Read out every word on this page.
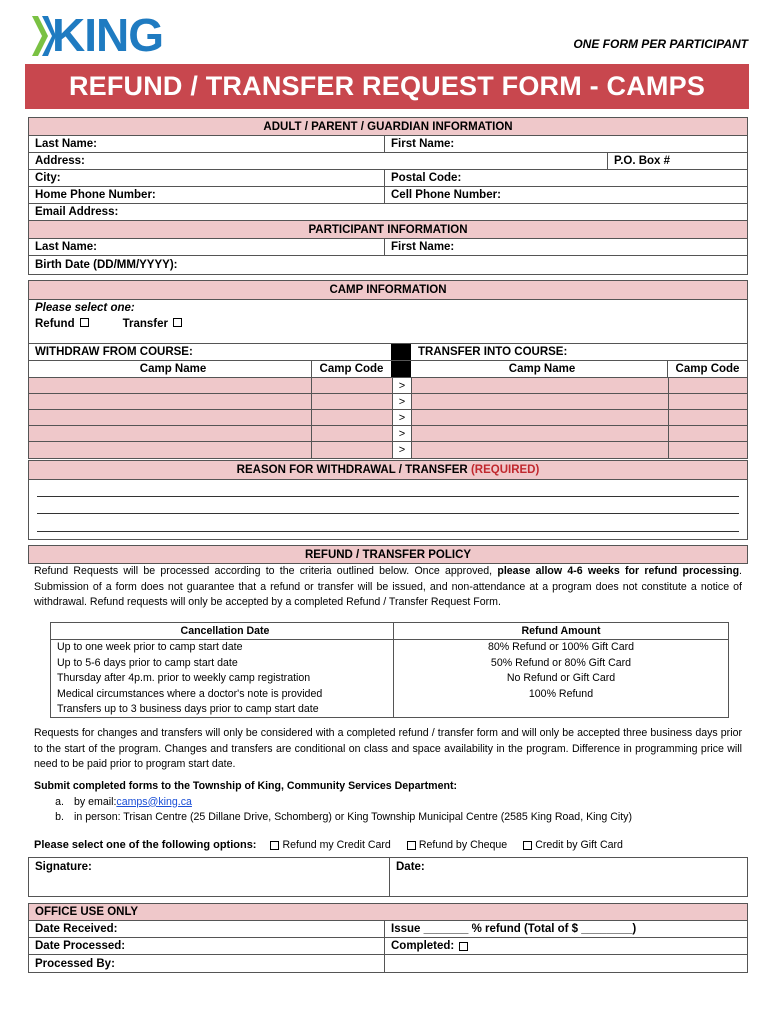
KING	ONE FORM PER PARTICIPANT
REFUND / TRANSFER REQUEST FORM - CAMPS
ADULT / PARENT / GUARDIAN INFORMATION
Last Name:	First Name:
Address:	P.O. Box #
City:	Postal Code:
Home Phone Number:	Cell Phone Number:
Email Address:
PARTICIPANT INFORMATION
Last Name:	First Name:
Birth Date (DD/MM/YYYY):
CAMP INFORMATION
Please select one:
Refund	Transfer
WITHDRAW FROM COURSE:	TRANSFER INTO COURSE:
Camp Name	Camp Code	Camp Name	Camp Code
>
>
>
>
>
REASON FOR WITHDRAWAL / TRANSFER
(REQUIRED)
REFUND / TRANSFER POLICY
Refund Requests will be processed according to the criteria outlined below. Once approved, please allow 4-6 weeks for refund processing. Submission of a form does not guarantee that a refund or transfer will be issued, and non-attendance at a program does not constitute a notice of withdrawal. Refund requests will only be accepted by a completed Refund / Transfer Request Form.
Cancellation Date	Refund Amount
Up to one week prior to camp start date	80% Refund or 100% Gift Card
Up to 5-6 days prior to camp start date	50% Refund or 80% Gift Card
Thursday after 4p.m. prior to weekly camp registration	No Refund or Gift Card
Medical circumstances where a doctor's note is provided	100% Refund
Transfers up to 3 business days prior to camp start date
Requests for changes and transfers will only be considered with a completed refund / transfer form and will only be accepted three business days prior to the start of the program. Changes and transfers are conditional on class and space availability in the program. Difference in programming price will need to be paid prior to program start date.
Submit completed forms to the Township of King, Community Services Department:
a. by email: camps@king.ca
b. in person: Trisan Centre (25 Dillane Drive, Schomberg) or King Township Municipal Centre (2585 King Road, King City)
Please select one of the following options: Refund my Credit Card	Refund by Cheque	Credit by Gift Card
Signature:	Date:
OFFICE USE ONLY
Date Received:	Issue _______ % refund (Total of $ ________)
Date Processed:	Completed:
Processed By:
